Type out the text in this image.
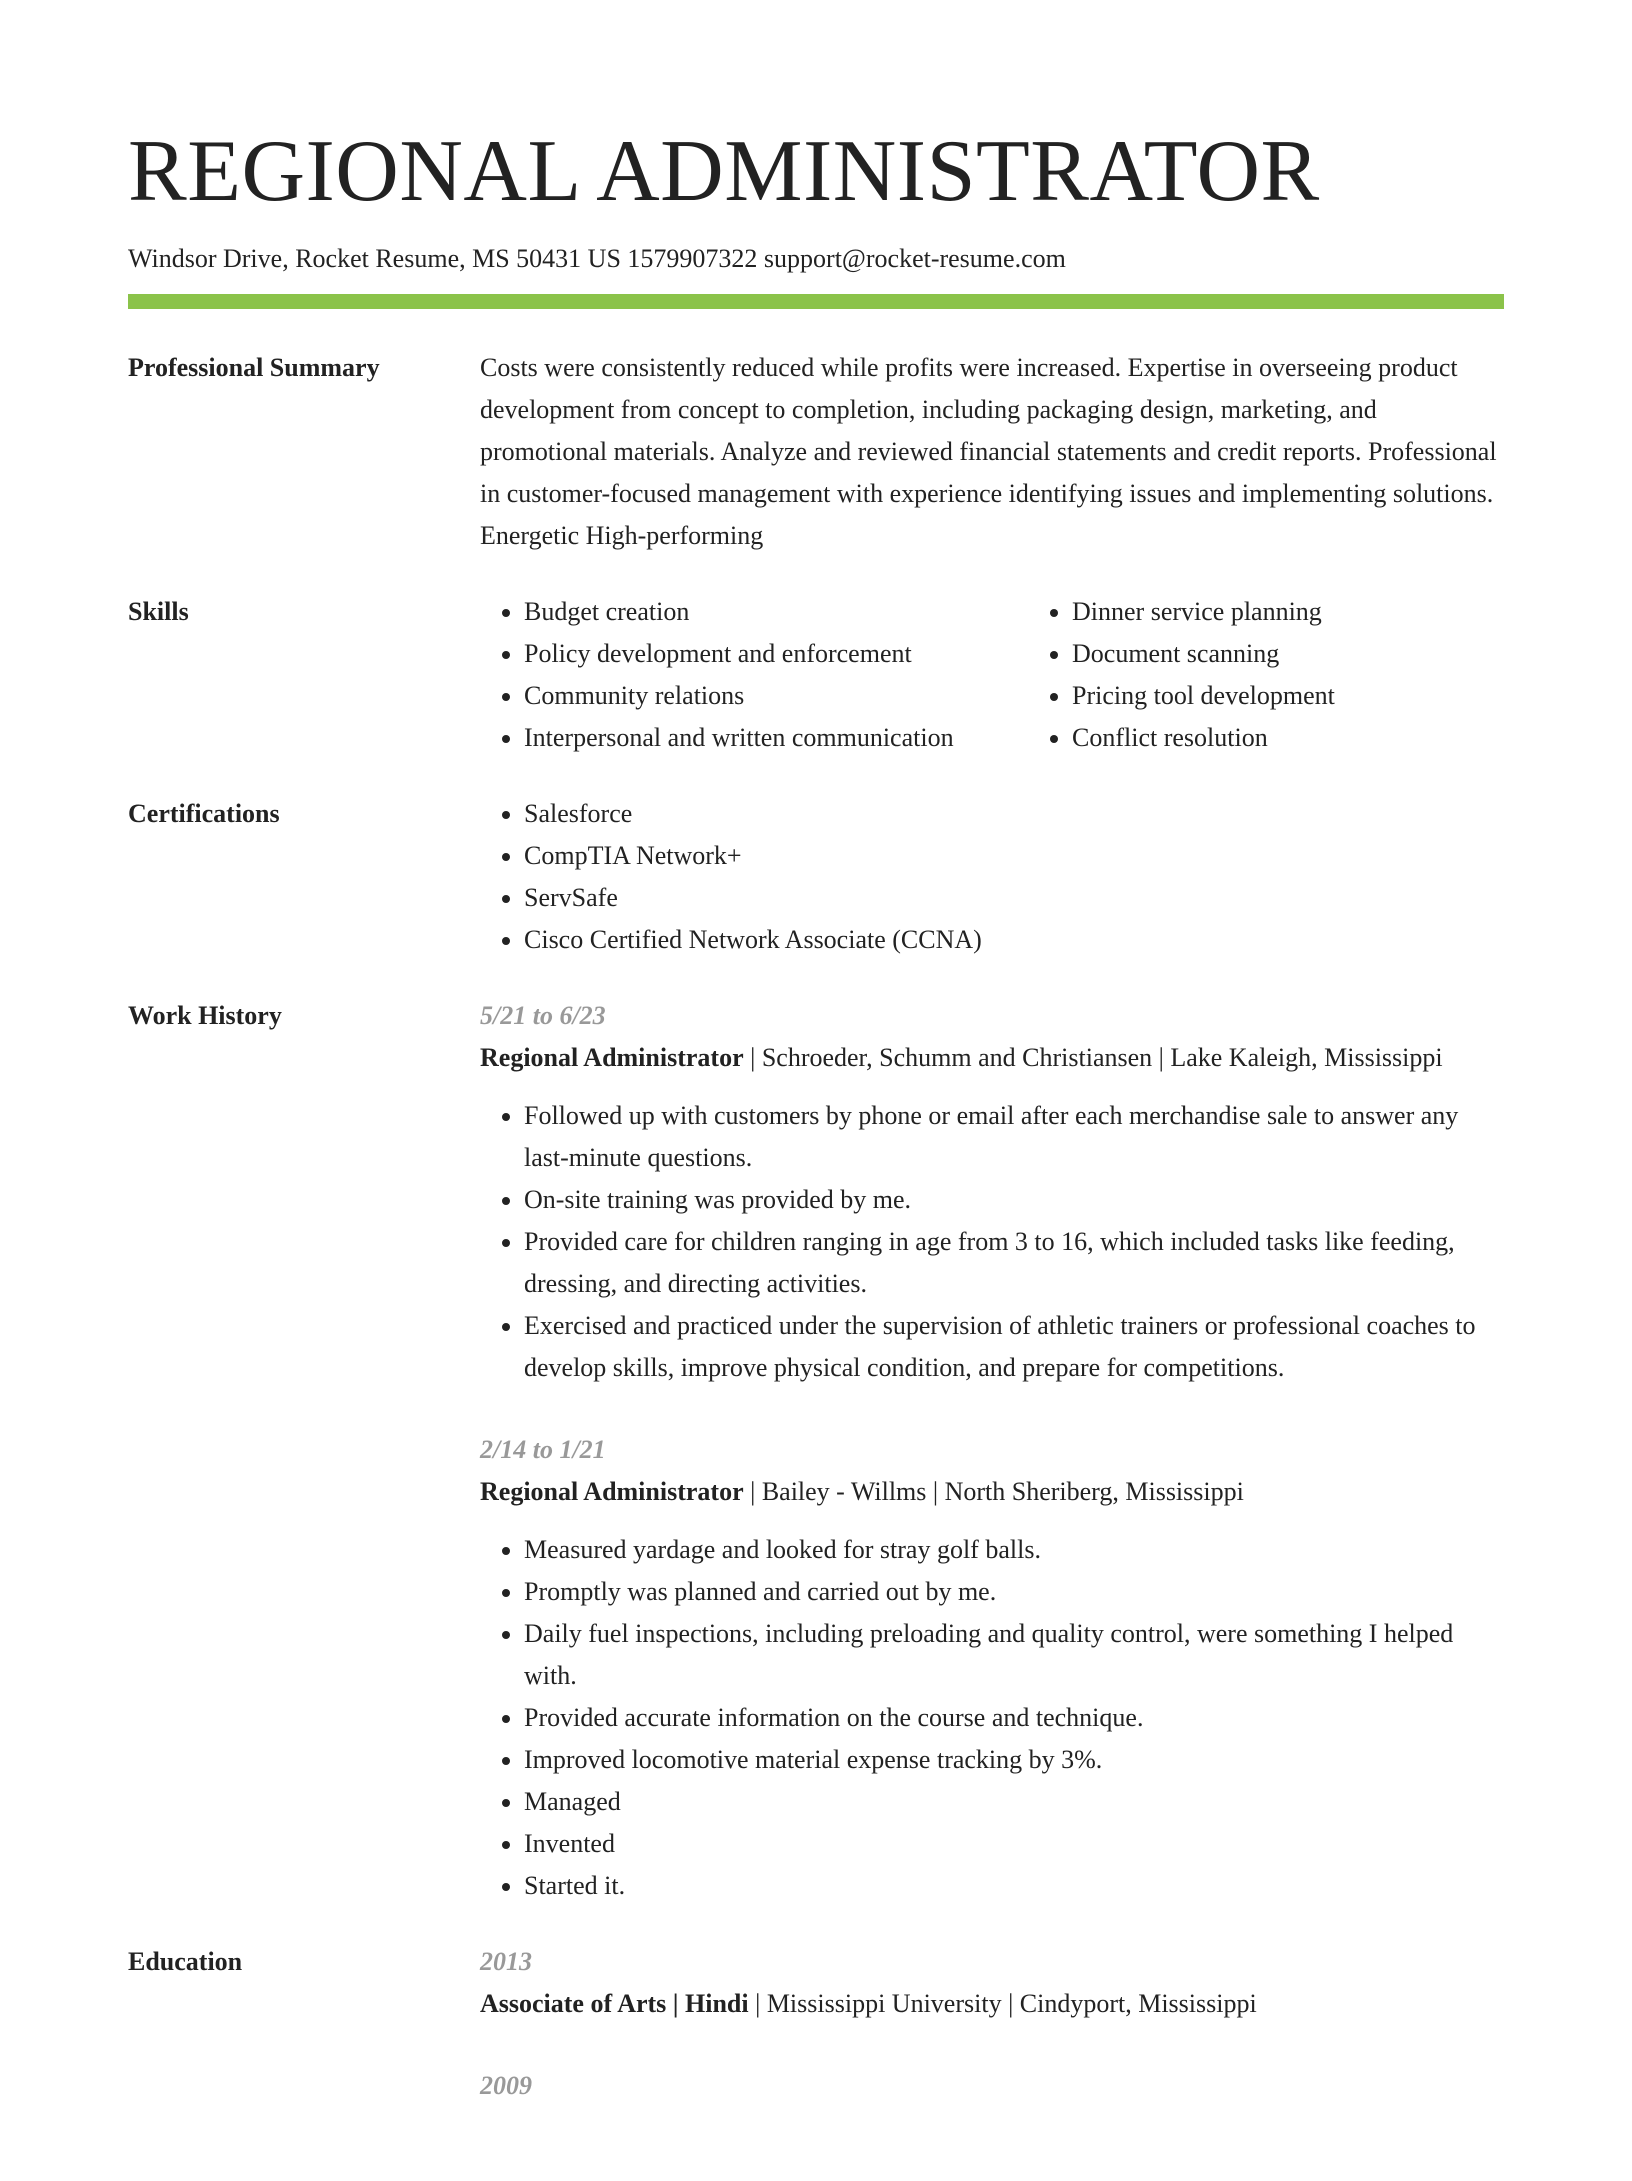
REGIONAL ADMINISTRATOR
Windsor Drive, Rocket Resume, MS 50431 US 1579907322 support@rocket-resume.com
Professional Summary	Costs were consistently reduced while profits were increased. Expertise in overseeing product development from concept to completion, including packaging design, marketing, and promotional materials. Analyze and reviewed financial statements and credit reports. Professional in customer-focused management with experience identifying issues and implementing solutions. Energetic High-performing

Skills	• Budget creation
• Policy development and enforcement
• Community relations
• Interpersonal and written communication
• Dinner service planning
• Document scanning
• Pricing tool development
• Conflict resolution
Certifications	• Salesforce
• CompTIA Network+
• ServSafe
• Cisco Certified Network Associate (CCNA)
Work History	5/21 to 6/23
Regional Administrator | Schroeder, Schumm and Christiansen | Lake Kaleigh, Mississippi
• Followed up with customers by phone or email after each merchandise sale to answer any last-minute questions.
• On-site training was provided by me.
• Provided care for children ranging in age from 3 to 16, which included tasks like feeding, dressing, and directing activities.
• Exercised and practiced under the supervision of athletic trainers or professional coaches to develop skills, improve physical condition, and prepare for competitions.
2/14 to 1/21
Regional Administrator | Bailey - Willms | North Sheriberg, Mississippi
• Measured yardage and looked for stray golf balls.
• Promptly was planned and carried out by me.
• Daily fuel inspections, including preloading and quality control, were something I helped with.
• Provided accurate information on the course and technique.
• Improved locomotive material expense tracking by 3%.
• Managed
• Invented
• Started it.
Education	2013
Associate of Arts | Hindi | Mississippi University | Cindyport, Mississippi
2009
